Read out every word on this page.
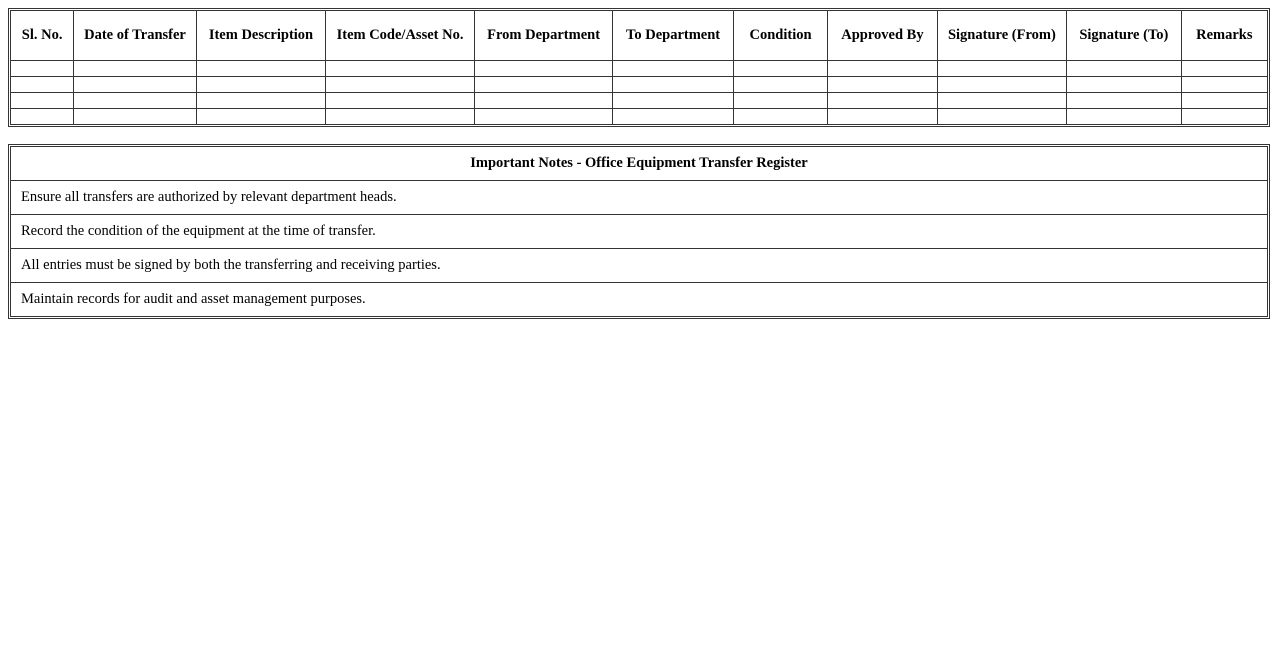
Sl. No.	Date of Transfer	Item Description	Item Code/Asset No.	From Department	To Department	Condition	Approved By	Signature (From)	Signature (To)	Remarks

Important Notes - Office Equipment Transfer Register
Ensure all transfers are authorized by relevant department heads.
Record the condition of the equipment at the time of transfer.
All entries must be signed by both the transferring and receiving parties.
Maintain records for audit and asset management purposes.
